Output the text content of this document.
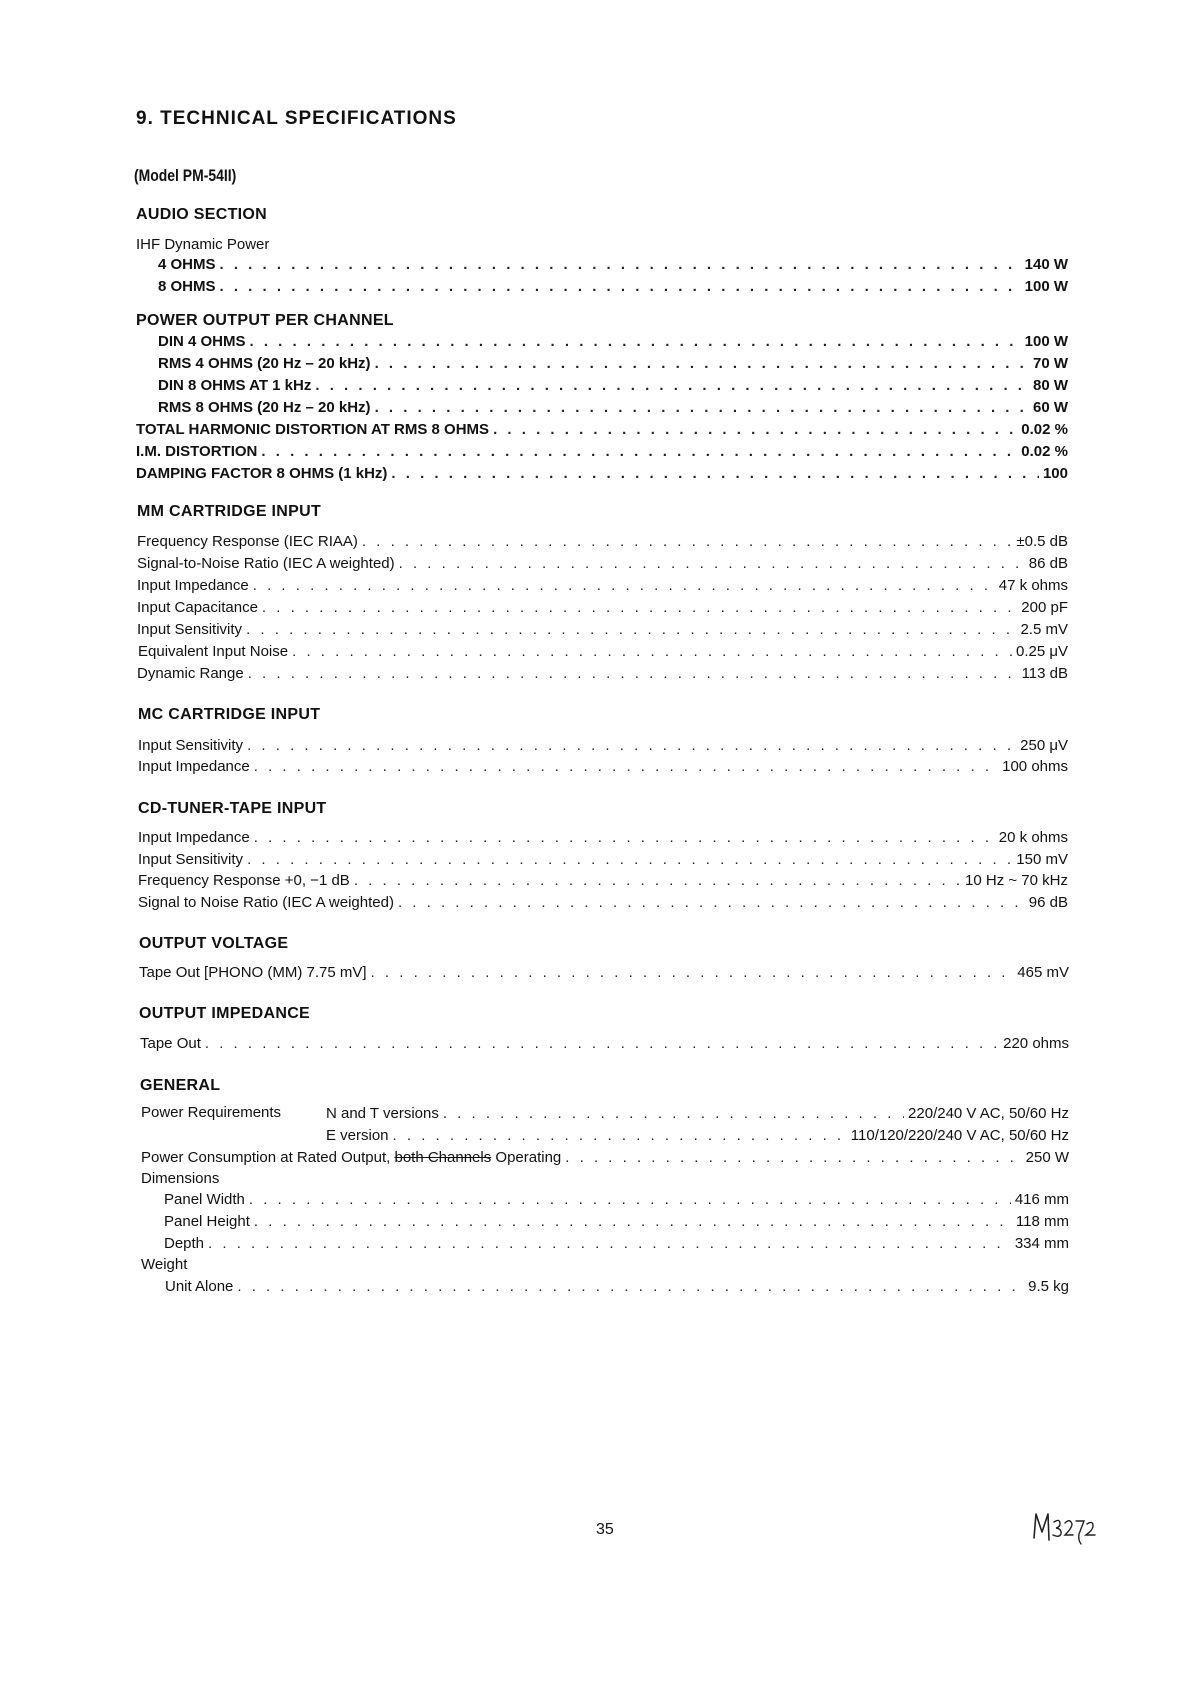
9. TECHNICAL SPECIFICATIONS
(Model PM-54II)
AUDIO SECTION
IHF Dynamic Power
4 OHMS . . .	140 W
8 OHMS . . .	100 W
POWER OUTPUT PER CHANNEL
DIN 4 OHMS . . .	100 W
RMS 4 OHMS (20 Hz – 20 kHz) . . .	70 W
DIN 8 OHMS AT 1 kHz . . .	80 W
RMS 8 OHMS (20 Hz – 20 kHz) . . .	60 W
TOTAL HARMONIC DISTORTION AT RMS 8 OHMS . . .	0.02 %
I.M. DISTORTION . . .	0.02 %
DAMPING FACTOR 8 OHMS (1 kHz) . . .	100
MM CARTRIDGE INPUT
Frequency Response (IEC RIAA) . . .	±0.5 dB
Signal-to-Noise Ratio (IEC A weighted) . . .	86 dB
Input Impedance . . .	47 k ohms
Input Capacitance . . .	200 pF
Input Sensitivity . . .	2.5 mV
Equivalent Input Noise . . .	0.25 μV
Dynamic Range . . .	113 dB
MC CARTRIDGE INPUT
Input Sensitivity . . .	250 μV
Input Impedance . . .	100 ohms
CD-TUNER-TAPE INPUT
Input Impedance . . .	20 k ohms
Input Sensitivity . . .	150 mV
Frequency Response +0, −1 dB . . .	10 Hz ~ 70 kHz
Signal to Noise Ratio (IEC A weighted) . . .	96 dB
OUTPUT VOLTAGE
Tape Out [PHONO (MM) 7.75 mV] . . .	465 mV
OUTPUT IMPEDANCE
Tape Out . . .	220 ohms
GENERAL
Power Requirements	N and T versions . . .	220/240 V AC, 50/60 Hz
E version . . .	110/120/220/240 V AC, 50/60 Hz
Power Consumption at Rated Output, both Channels Operating . . .	250 W
Dimensions
Panel Width . . .	416 mm
Panel Height . . .	118 mm
Depth . . .	334 mm
Weight
Unit Alone . . .	9.5 kg
35
